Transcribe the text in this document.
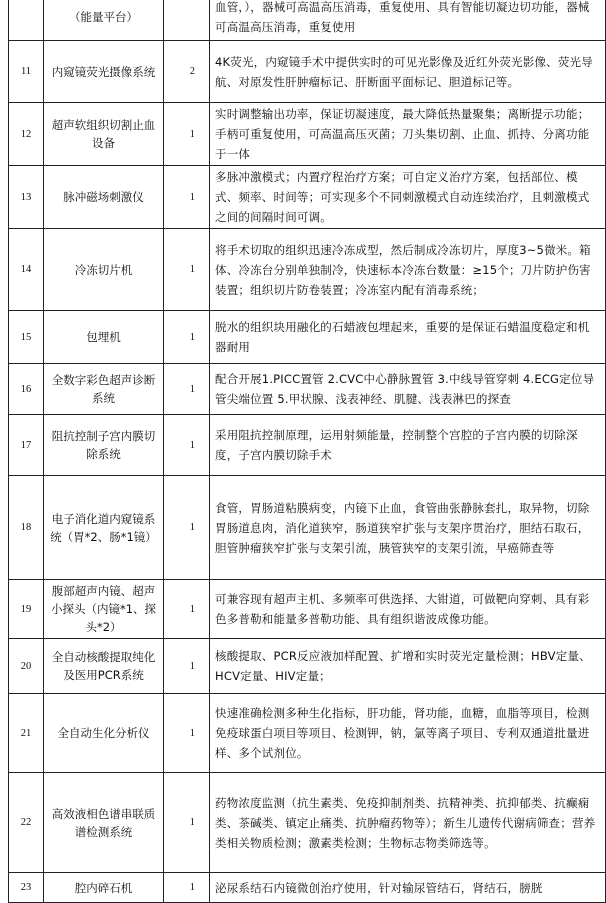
	（能量平台）		血管，），器械可高温高压消毒，重复使用、具有智能切凝边切功能，器械可高温高压消毒，重复使用
11	内窥镜荧光摄像系统	2	4K荧光，内窥镜手术中提供实时的可见光影像及近红外荧光影像、荧光导航、对原发性肝肿瘤标记、肝断面平面标记、胆道标记等。
12	超声软组织切割止血设备	1	实时调整输出功率，保证切凝速度，最大降低热量聚集；离断提示功能；手柄可重复使用，可高温高压灭菌；刀头集切割、止血、抓持、分离功能于一体
13	脉冲磁场刺激仪	1	多脉冲激模式；内置疗程治疗方案；可自定义治疗方案，包括部位、模式、频率、时间等；可实现多个不同刺激模式自动连续治疗，且刺激模式之间的间隔时间可调。
14	冷冻切片机	1	将手术切取的组织迅速冷冻成型，然后制成冷冻切片，厚度3~5微米。箱体、冷冻台分别单独制冷，快速标本冷冻台数量：≥15个；刀片防护伤害装置；组织切片防卷装置；冷冻室内配有消毒系统；
15	包埋机	1	脱水的组织块用融化的石蜡液包埋起来，重要的是保证石蜡温度稳定和机器耐用
16	全数字彩色超声诊断系统	1	配合开展1.PICC置管 2.CVC中心静脉置管 3.中线导管穿刺 4.ECG定位导管尖端位置 5.甲状腺、浅表神经、肌腱、浅表淋巴的探查
17	阻抗控制子宫内膜切除系统	1	采用阻抗控制原理，运用射频能量，控制整个宫腔的子宫内膜的切除深度，子宫内膜切除手术
18	电子消化道内窥镜系统（胃*2、肠*1镜）	1	食管，胃肠道粘膜病变，内镜下止血，食管曲张静脉套扎，取异物，切除胃肠道息肉，消化道狭窄，肠道狭窄扩张与支架序贯治疗，胆结石取石，胆管肿瘤狭窄扩张与支架引流，胰管狭窄的支架引流，早癌筛查等
19	腹部超声内镜、超声小探头（内镜*1、探头*2）	1	可兼容现有超声主机、多频率可供选择、大钳道，可做靶向穿刺、具有彩色多普勒和能量多普勒功能、具有组织谐波成像功能。
20	全自动核酸提取纯化及医用PCR系统	1	核酸提取、PCR反应液加样配置、扩增和实时荧光定量检测；HBV定量、HCV定量、HIV定量；
21	全自动生化分析仪	1	快速准确检测多种生化指标，肝功能，肾功能，血糖，血脂等项目，检测免疫球蛋白项目等项目、检测钾，钠，氯等离子项目、专利双通道批量进样、多个试剂位。
22	高效液相色谱串联质谱检测系统	1	药物浓度监测（抗生素类、免疫抑制剂类、抗精神类、抗抑郁类、抗癫痫类、茶碱类、镇定止痛类、抗肿瘤药物等）；新生儿遗传代谢病筛查；营养类相关物质检测；激素类检测；生物标志物类筛选等。
23	腔内碎石机	1	泌尿系结石内镜微创治疗使用，针对输尿管结石，肾结石，膀胱
